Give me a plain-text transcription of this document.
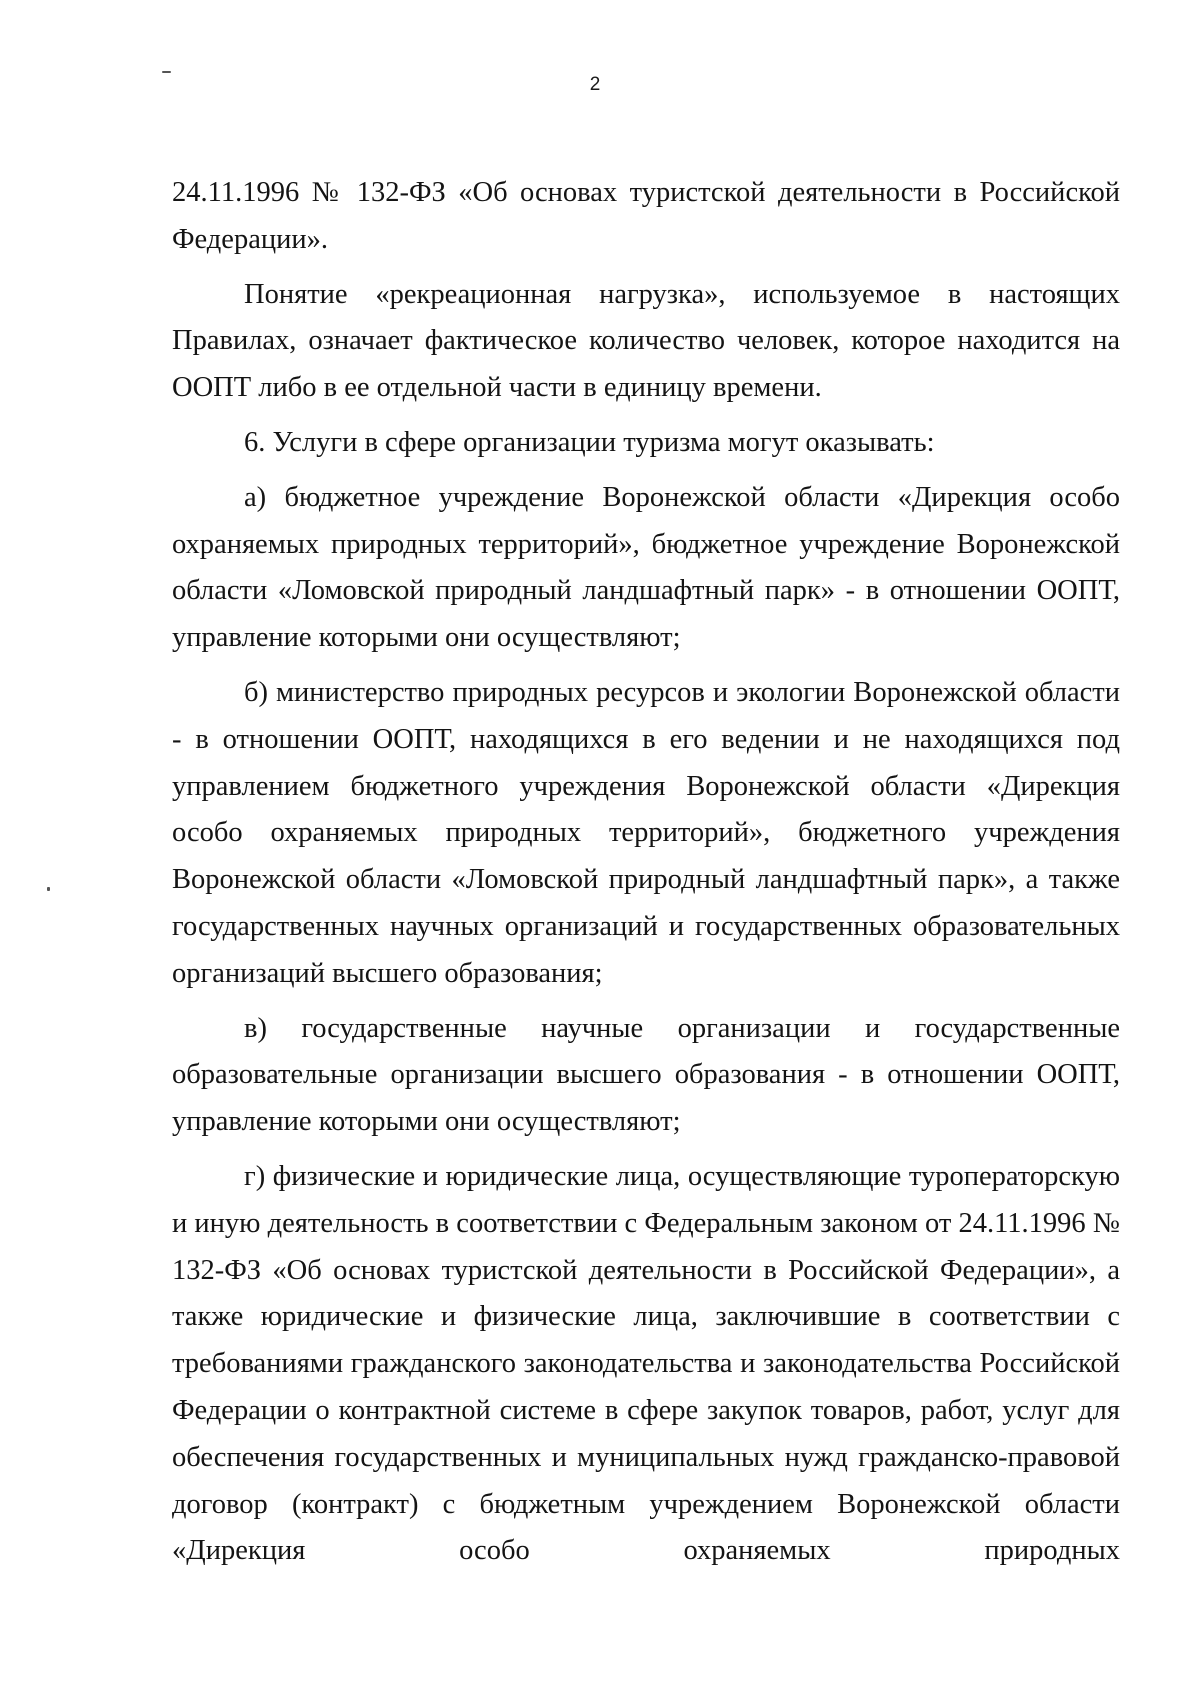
2

24.11.1996 № 132-ФЗ «Об основах туристской деятельности в Российской Федерации».

Понятие «рекреационная нагрузка», используемое в настоящих Правилах, означает фактическое количество человек, которое находится на ООПТ либо в ее отдельной части в единицу времени.

6. Услуги в сфере организации туризма могут оказывать:

а) бюджетное учреждение Воронежской области «Дирекция особо охраняемых природных территорий», бюджетное учреждение Воронежской области «Ломовской природный ландшафтный парк» - в отношении ООПТ, управление которыми они осуществляют;

б) министерство природных ресурсов и экологии Воронежской области - в отношении ООПТ, находящихся в его ведении и не находящихся под управлением бюджетного учреждения Воронежской области «Дирекция особо охраняемых природных территорий», бюджетного учреждения Воронежской области «Ломовской природный ландшафтный парк», а также государственных научных организаций и государственных образовательных организаций высшего образования;

в) государственные научные организации и государственные образовательные организации высшего образования - в отношении ООПТ, управление которыми они осуществляют;

г) физические и юридические лица, осуществляющие туроператорскую и иную деятельность в соответствии с Федеральным законом от 24.11.1996 № 132-ФЗ «Об основах туристской деятельности в Российской Федерации», а также юридические и физические лица, заключившие в соответствии с требованиями гражданского законодательства и законодательства Российской Федерации о контрактной системе в сфере закупок товаров, работ, услуг для обеспечения государственных и муниципальных нужд гражданско-правовой договор (контракт) с бюджетным учреждением Воронежской области «Дирекция особо охраняемых природных
